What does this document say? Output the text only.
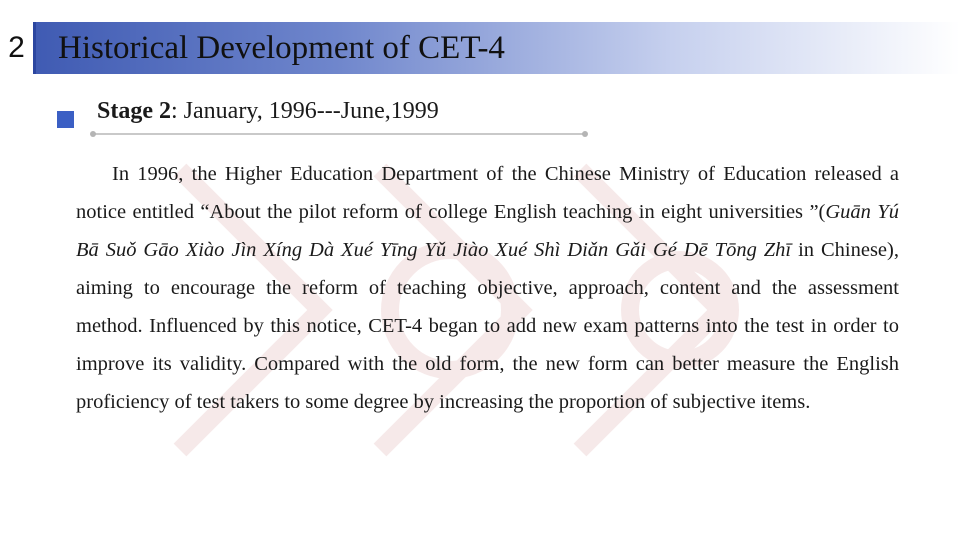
2	Historical Development of CET-4
Stage 2: January, 1996---June,1999
In 1996, the Higher Education Department of the Chinese Ministry of Education released a notice entitled “About the pilot reform of college English teaching in eight universities ”(Guān Yú Bā Suǒ Gāo Xiào Jìn Xíng Dà Xué Yīng Yǔ Jiào Xué Shì Diǎn Gǎi Gé Dē Tōng Zhī in Chinese), aiming to encourage the reform of teaching objective, approach, content and the assessment method. Influenced by this notice, CET-4 began to add new exam patterns into the test in order to improve its validity. Compared with the old form, the new form can better measure the English proficiency of test takers to some degree by increasing the proportion of subjective items.
